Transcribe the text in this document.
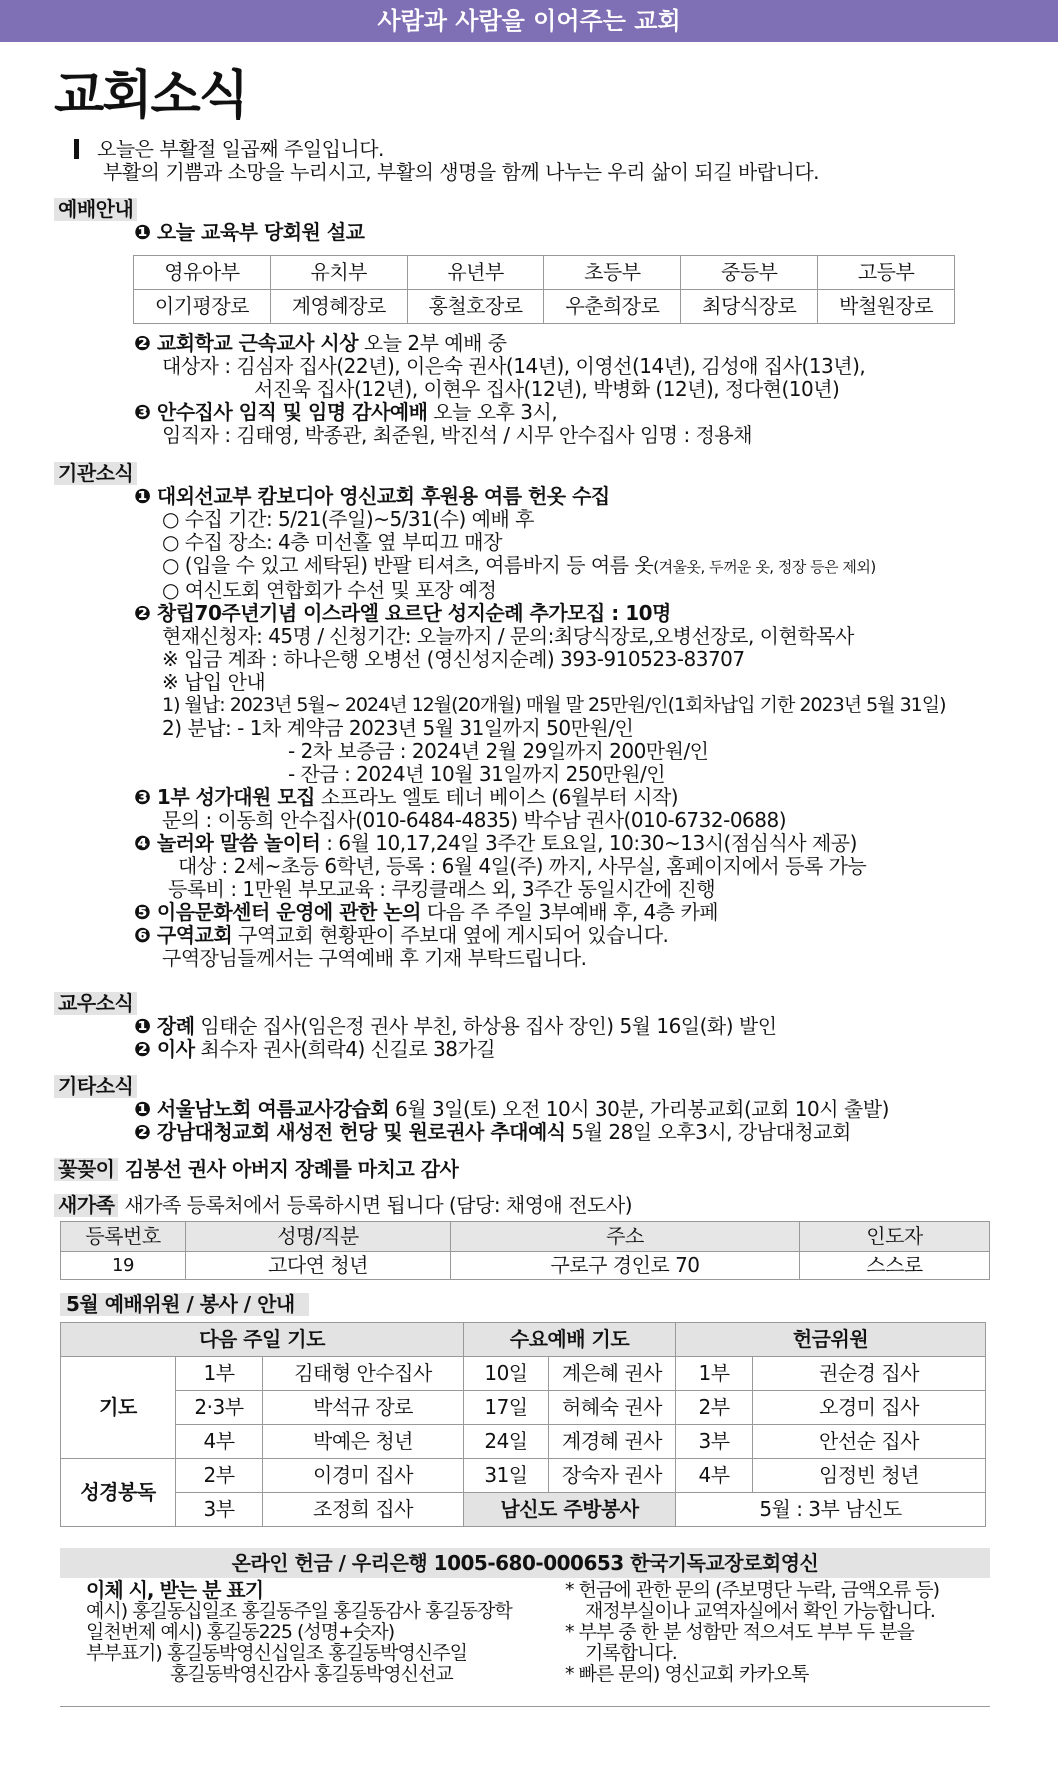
사람과 사람을 이어주는 교회
교회소식
오늘은 부활절 일곱째 주일입니다.
부활의 기쁨과 소망을 누리시고, 부활의 생명을 함께 나누는 우리 삶이 되길 바랍니다.
예배안내
❶ 오늘 교육부 당회원 설교
영유아부	유치부	유년부	초등부	중등부	고등부
이기평장로	계영혜장로	홍철호장로	우춘희장로	최당식장로	박철원장로
❷ 교회학교 근속교사 시상 오늘 2부 예배 중
대상자 : 김심자 집사(22년), 이은숙 권사(14년), 이영선(14년), 김성애 집사(13년),
서진욱 집사(12년), 이현우 집사(12년), 박병화 (12년), 정다현(10년)
❸ 안수집사 임직 및 임명 감사예배 오늘 오후 3시,
임직자 : 김태영, 박종관, 최준원, 박진석 / 시무 안수집사 임명 : 정용채
기관소식
❶ 대외선교부 캄보디아 영신교회 후원용 여름 헌옷 수집
○ 수집 기간: 5/21(주일)~5/31(수) 예배 후
○ 수집 장소: 4층 미선홀 옆 부띠끄 매장
○ (입을 수 있고 세탁된) 반팔 티셔츠, 여름바지 등 여름 옷(겨울옷, 두꺼운 옷, 정장 등은 제외)
○ 여신도회 연합회가 수선 및 포장 예정
❷ 창립70주년기념 이스라엘 요르단 성지순례 추가모집 : 10명
현재신청자: 45명 / 신청기간: 오늘까지 / 문의:최당식장로,오병선장로, 이현학목사
※ 입금 계좌 : 하나은행 오병선 (영신성지순례) 393-910523-83707
※ 납입 안내
1) 월납: 2023년 5월~ 2024년 12월(20개월) 매월 말 25만원/인(1회차납입 기한 2023년 5월 31일)
2) 분납: - 1차 계약금 2023년 5월 31일까지 50만원/인
- 2차 보증금 : 2024년 2월 29일까지 200만원/인
- 잔금 : 2024년 10월 31일까지 250만원/인
❸ 1부 성가대원 모집 소프라노 엘토 테너 베이스 (6월부터 시작)
문의 : 이동희 안수집사(010-6484-4835) 박수남 권사(010-6732-0688)
❹ 놀러와 말씀 놀이터 : 6월 10,17,24일 3주간 토요일, 10:30~13시(점심식사 제공)
대상 : 2세~초등 6학년, 등록 : 6월 4일(주) 까지, 사무실, 홈페이지에서 등록 가능
등록비 : 1만원 부모교육 : 쿠킹클래스 외, 3주간 동일시간에 진행
❺ 이음문화센터 운영에 관한 논의 다음 주 주일 3부예배 후, 4층 카페
❻ 구역교회 구역교회 현황판이 주보대 옆에 게시되어 있습니다.
구역장님들께서는 구역예배 후 기재 부탁드립니다.
교우소식
❶ 장례 임태순 집사(임은정 권사 부친, 하상용 집사 장인) 5월 16일(화) 발인
❷ 이사 최수자 권사(희락4) 신길로 38가길
기타소식
❶ 서울남노회 여름교사강습회 6월 3일(토) 오전 10시 30분, 가리봉교회(교회 10시 출발)
❷ 강남대청교회 새성전 헌당 및 원로권사 추대예식 5월 28일 오후3시, 강남대청교회
꽃꽂이 김봉선 권사 아버지 장례를 마치고 감사
새가족 새가족 등록처에서 등록하시면 됩니다 (담당: 채영애 전도사)
등록번호	성명/직분	주소	인도자
19	고다연 청년	구로구 경인로 70	스스로
5월 예배위원 / 봉사 / 안내
다음 주일 기도			수요예배 기도		헌금위원	
기도	1부	김태형 안수집사	10일	계은혜 권사	1부	권순경 집사
	2·3부	박석규 장로	17일	허혜숙 권사	2부	오경미 집사
	4부	박예은 청년	24일	계경혜 권사	3부	안선순 집사
성경봉독	2부	이경미 집사	31일	장숙자 권사	4부	임정빈 청년
	3부	조정희 집사	남신도 주방봉사		5월 : 3부 남신도	
온라인 헌금 / 우리은행 1005-680-000653 한국기독교장로회영신
이체 시, 받는 분 표기
예시) 홍길동십일조 홍길동주일 홍길동감사 홍길동장학
일천번제 예시) 홍길동225 (성명+숫자)
부부표기) 홍길동박영신십일조 홍길동박영신주일
홍길동박영신감사 홍길동박영신선교
* 헌금에 관한 문의 (주보명단 누락, 금액오류 등)
재정부실이나 교역자실에서 확인 가능합니다.
* 부부 중 한 분 성함만 적으셔도 부부 두 분을
기록합니다.
* 빠른 문의) 영신교회 카카오톡
